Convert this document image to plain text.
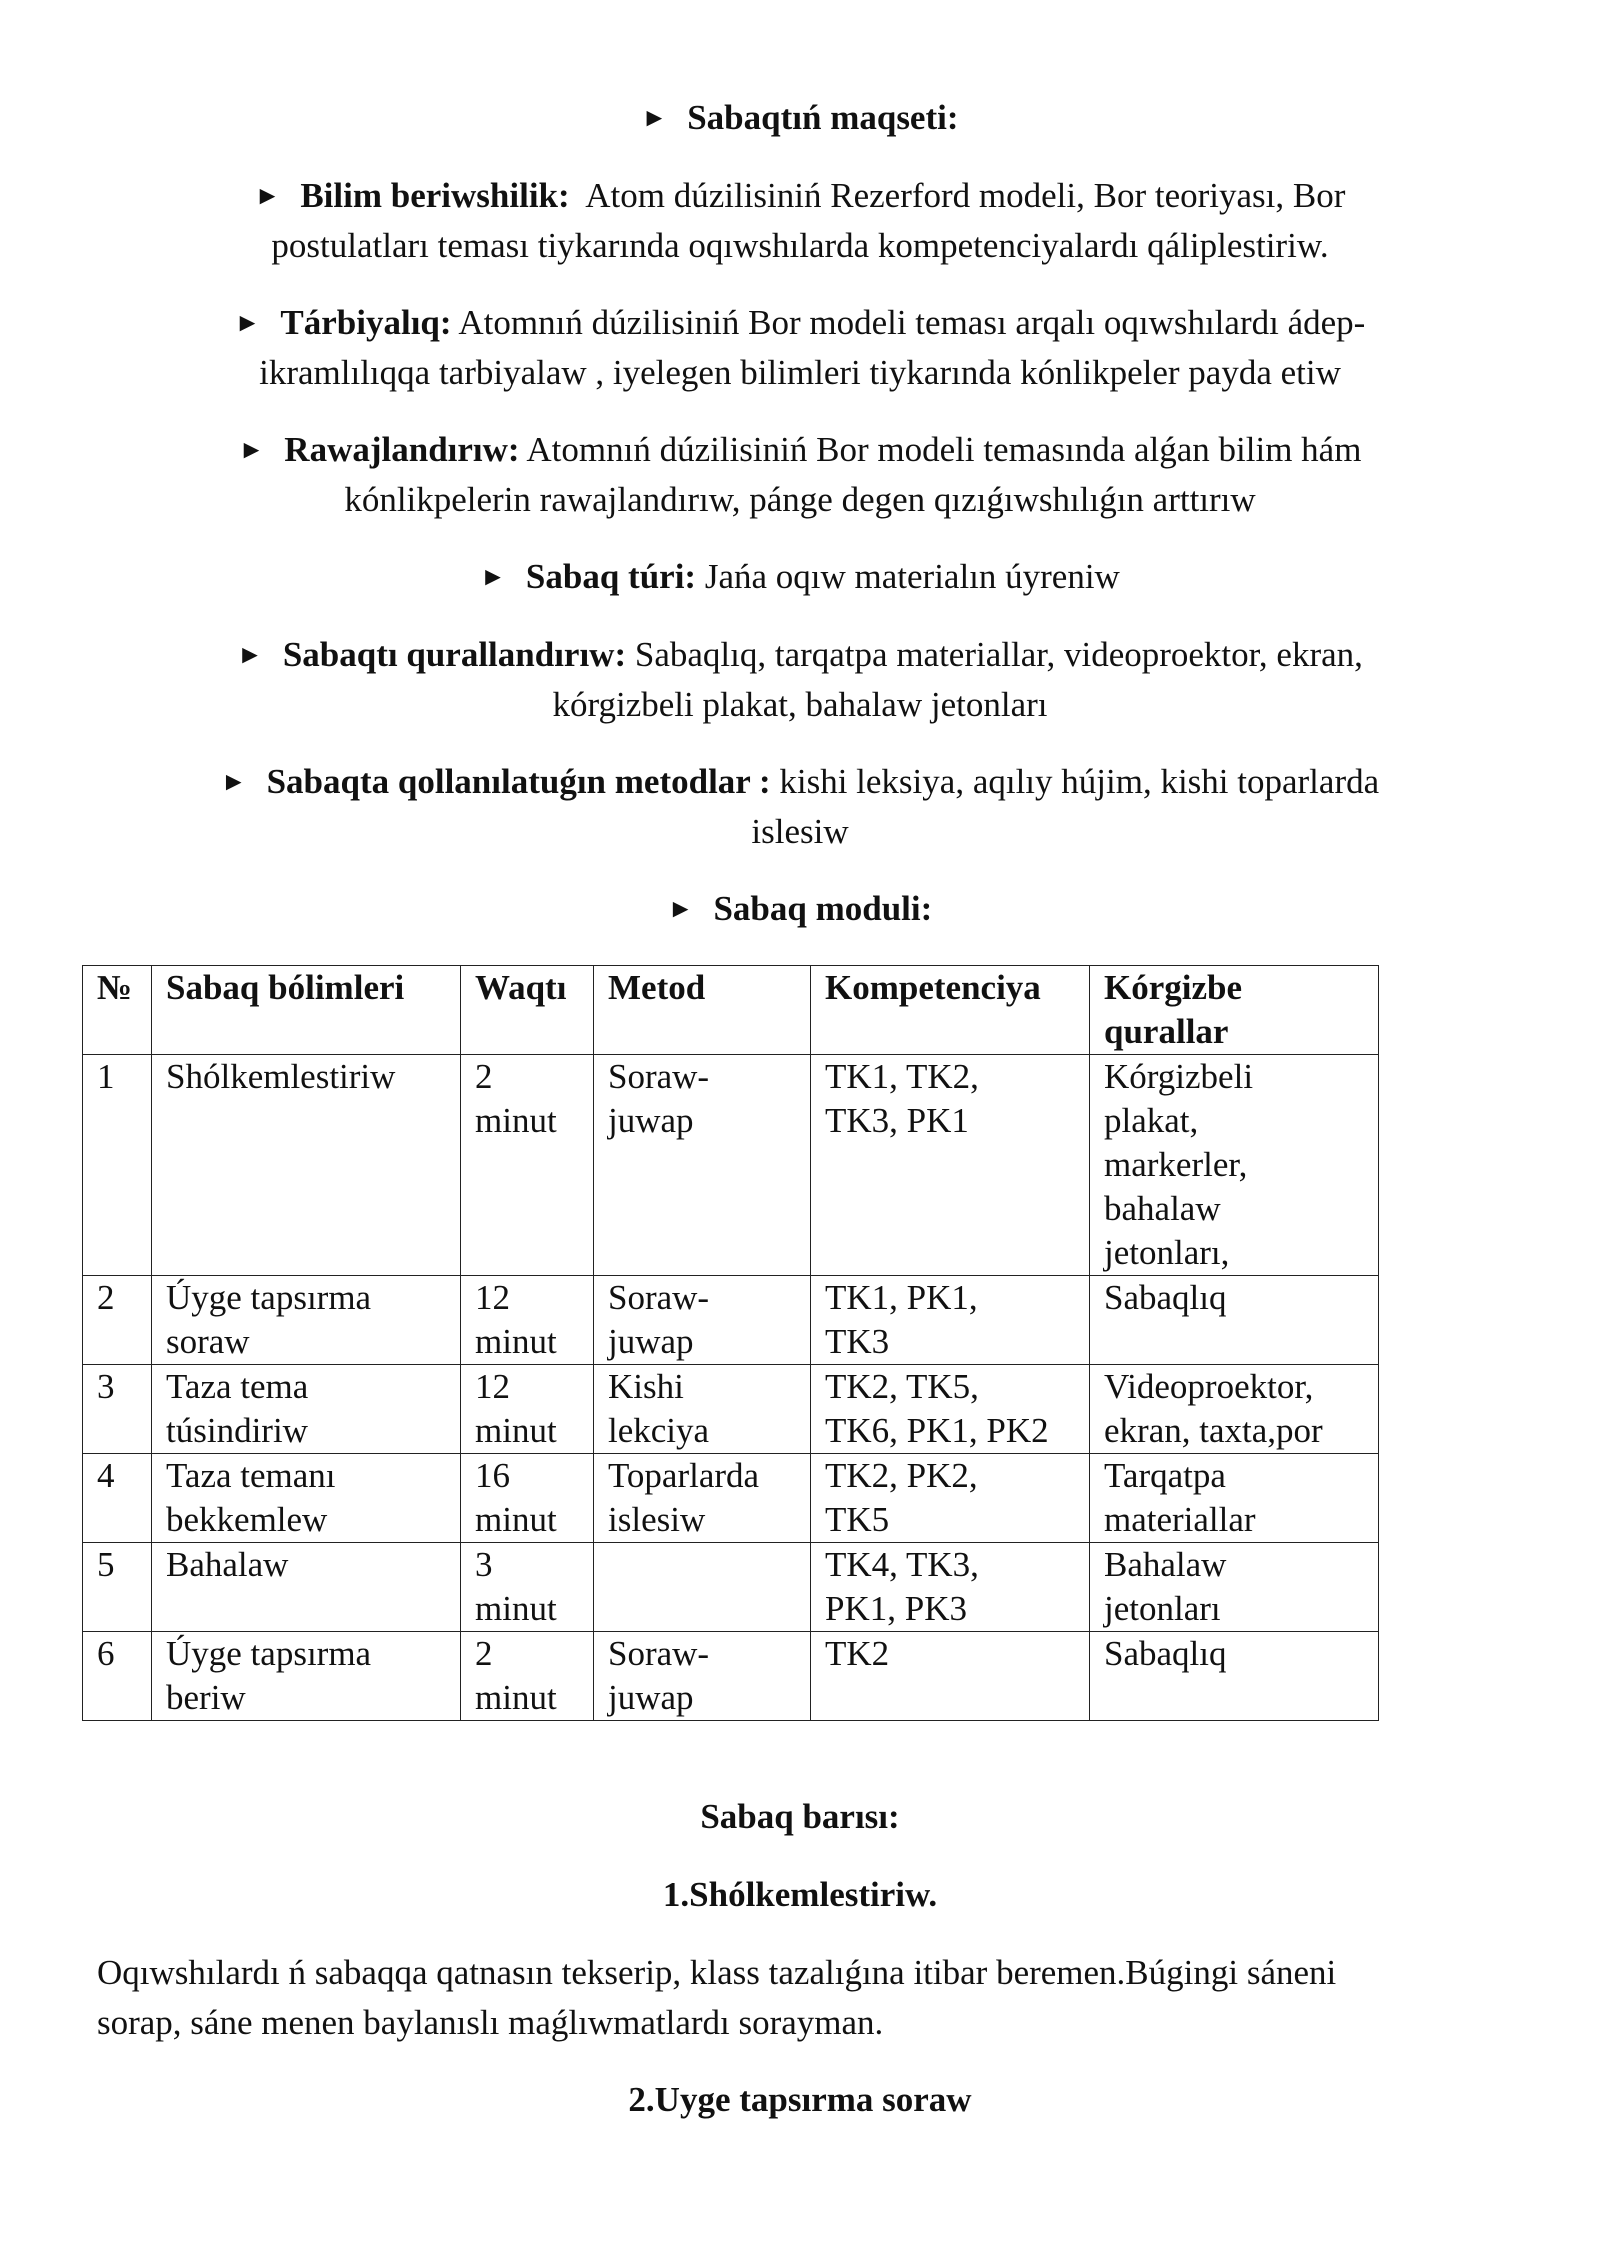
► Sabaqtıń maqseti:
► Bilim beriwshilik: Atom dúzilisiniń Rezerford modeli, Bor teoriyası, Bor
postulatları teması tiykarında oqıwshılarda kompetenciyalardı qáliplestiriw.
► Tárbiyalıq: Atomnıń dúzilisiniń Bor modeli teması arqalı oqıwshılardı ádep-
ikramlılıqqa tarbiyalaw , iyelegen bilimleri tiykarında kónlikpeler payda etiw
► Rawajlandırıw: Atomnıń dúzilisiniń Bor modeli temasında alǵan bilim hám
kónlikpelerin rawajlandırıw, pánge degen qızıǵıwshılıǵın arttırıw
► Sabaq túri: Jańa oqıw materialın úyreniw
► Sabaqtı qurallandırıw: Sabaqlıq, tarqatpa materiallar, videoproektor, ekran,
kórgizbeli plakat, bahalaw jetonları
► Sabaqta qollanılatuǵın metodlar : kishi leksiya, aqılıy hújim, kishi toparlarda
islesiw
► Sabaq moduli:
№	Sabaq bólimleri	Waqtı	Metod	Kompetenciya	Kórgizbe
qurallar

1	Shólkemlestiriw	2
minut	Soraw-
juwap	TK1, TK2,
TK3, PK1	Kórgizbeli
plakat,
markerler,
bahalaw
jetonları,

2	Úyge tapsırma
soraw	12
minut	Soraw-
juwap	TK1, PK1,
TK3	Sabaqlıq

3	Taza tema
túsindiriw	12
minut	Kishi
lekciya	TK2, TK5,
TK6, PK1, PK2	Videoproektor,
ekran, taxta,por

4	Taza temanı
bekkemlew	16
minut	Toparlarda
islesiw	TK2, PK2,
TK5	Tarqatpa
materiallar

5	Bahalaw	3
minut		TK4, TK3,
PK1, PK3	Bahalaw
jetonları

6	Úyge tapsırma
beriw	2
minut	Soraw-
juwap	TK2	Sabaqlıq
Sabaq barısı:
1.Shólkemlestiriw.
Oqıwshılardı ń sabaqqa qatnasın tekserip, klass tazalıǵına itibar beremen.Búgingi sáneni
sorap, sáne menen baylanıslı maǵlıwmatlardı sorayman.
2.Uyge tapsırma soraw
